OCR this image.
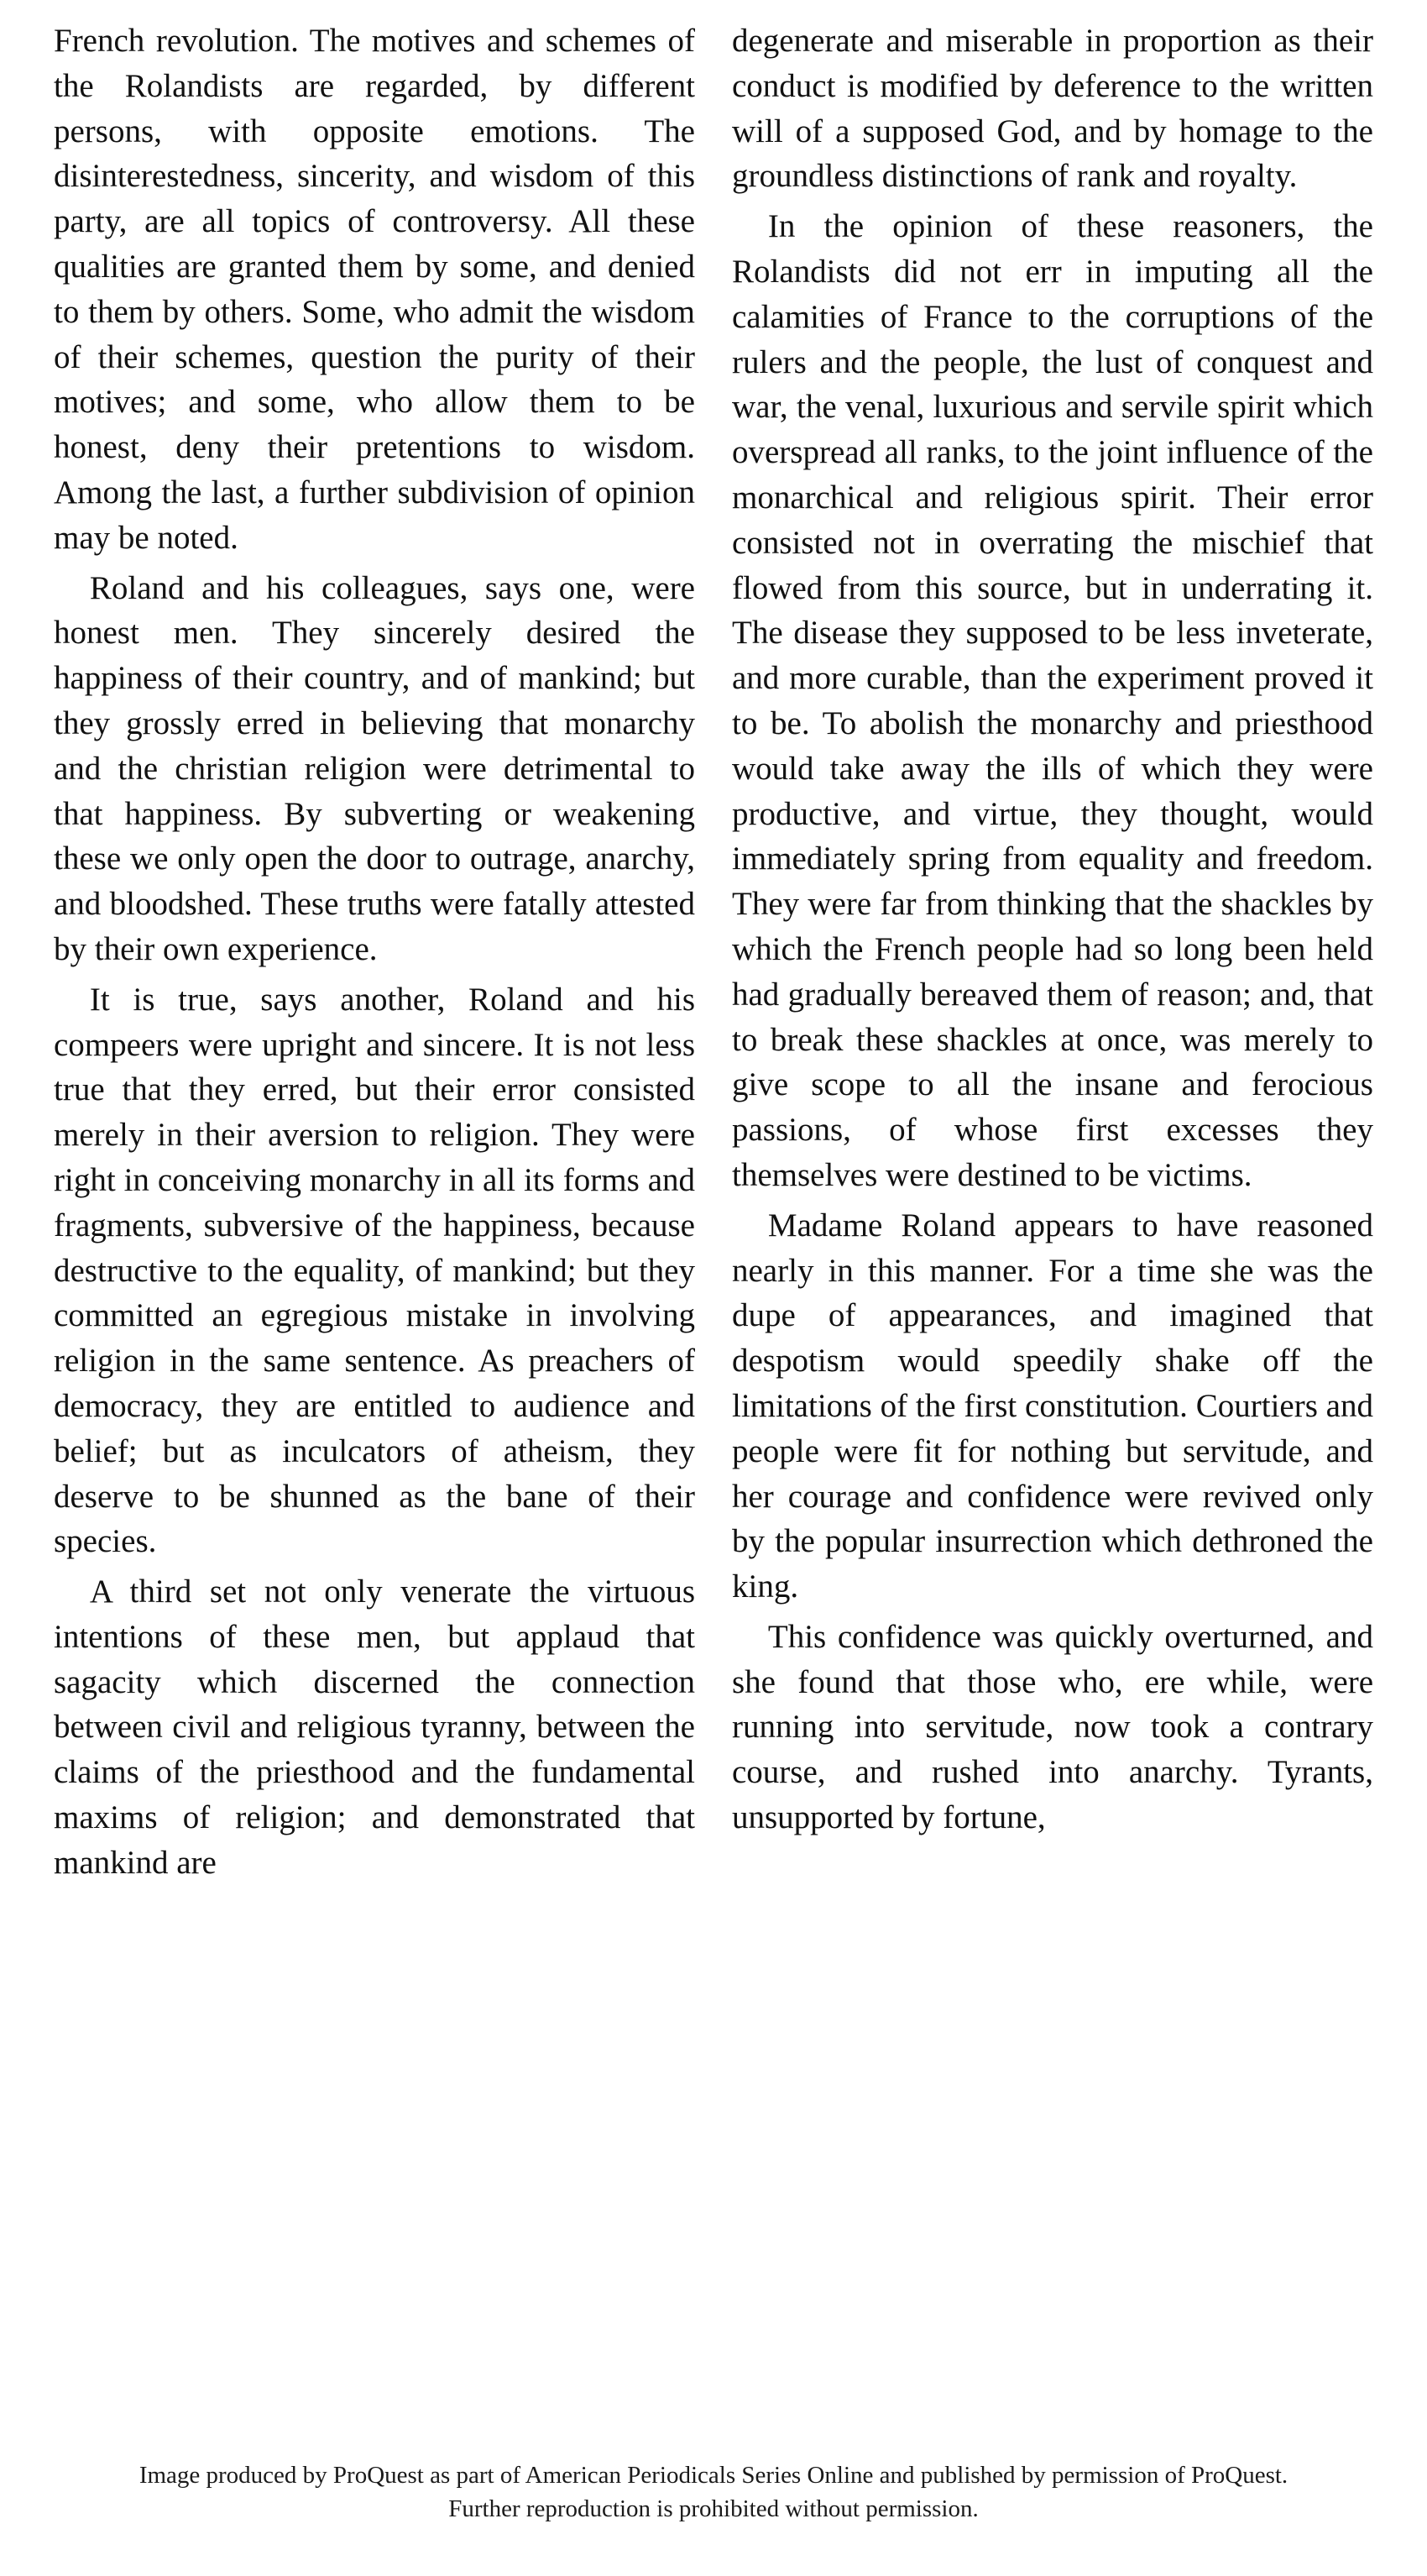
French revolution. The motives and schemes of the Rolandists are regarded, by different persons, with opposite emotions. The disinterestedness, sincerity, and wisdom of this party, are all topics of controversy. All these qualities are granted them by some, and denied to them by others. Some, who admit the wisdom of their schemes, question the purity of their motives; and some, who allow them to be honest, deny their pretentions to wisdom. Among the last, a further subdivision of opinion may be noted.

Roland and his colleagues, says one, were honest men. They sincerely desired the happiness of their country, and of mankind; but they grossly erred in believing that monarchy and the christian religion were detrimental to that happiness. By subverting or weakening these we only open the door to outrage, anarchy, and bloodshed. These truths were fatally attested by their own experience.

It is true, says another, Roland and his compeers were upright and sincere. It is not less true that they erred, but their error consisted merely in their aversion to religion. They were right in conceiving monarchy in all its forms and fragments, subversive of the happiness, because destructive to the equality, of mankind; but they committed an egregious mistake in involving religion in the same sentence. As preachers of democracy, they are entitled to audience and belief; but as inculcators of atheism, they deserve to be shunned as the bane of their species.

A third set not only venerate the virtuous intentions of these men, but applaud that sagacity which discerned the connection between civil and religious tyranny, between the claims of the priesthood and the fundamental maxims of religion; and demonstrated that mankind are

degenerate and miserable in proportion as their conduct is modified by deference to the written will of a supposed God, and by homage to the groundless distinctions of rank and royalty.

In the opinion of these reasoners, the Rolandists did not err in imputing all the calamities of France to the corruptions of the rulers and the people, the lust of conquest and war, the venal, luxurious and servile spirit which overspread all ranks, to the joint influence of the monarchical and religious spirit. Their error consisted not in overrating the mischief that flowed from this source, but in underrating it. The disease they supposed to be less inveterate, and more curable, than the experiment proved it to be. To abolish the monarchy and priesthood would take away the ills of which they were productive, and virtue, they thought, would immediately spring from equality and freedom. They were far from thinking that the shackles by which the French people had so long been held had gradually bereaved them of reason; and, that to break these shackles at once, was merely to give scope to all the insane and ferocious passions, of whose first excesses they themselves were destined to be victims.

Madame Roland appears to have reasoned nearly in this manner. For a time she was the dupe of appearances, and imagined that despotism would speedily shake off the limitations of the first constitution. Courtiers and people were fit for nothing but servitude, and her courage and confidence were revived only by the popular insurrection which dethroned the king.

This confidence was quickly overturned, and she found that those who, ere while, were running into servitude, now took a contrary course, and rushed into anarchy. Tyrants, unsupported by fortune,

Image produced by ProQuest as part of American Periodicals Series Online and published by permission of ProQuest.
Further reproduction is prohibited without permission.
